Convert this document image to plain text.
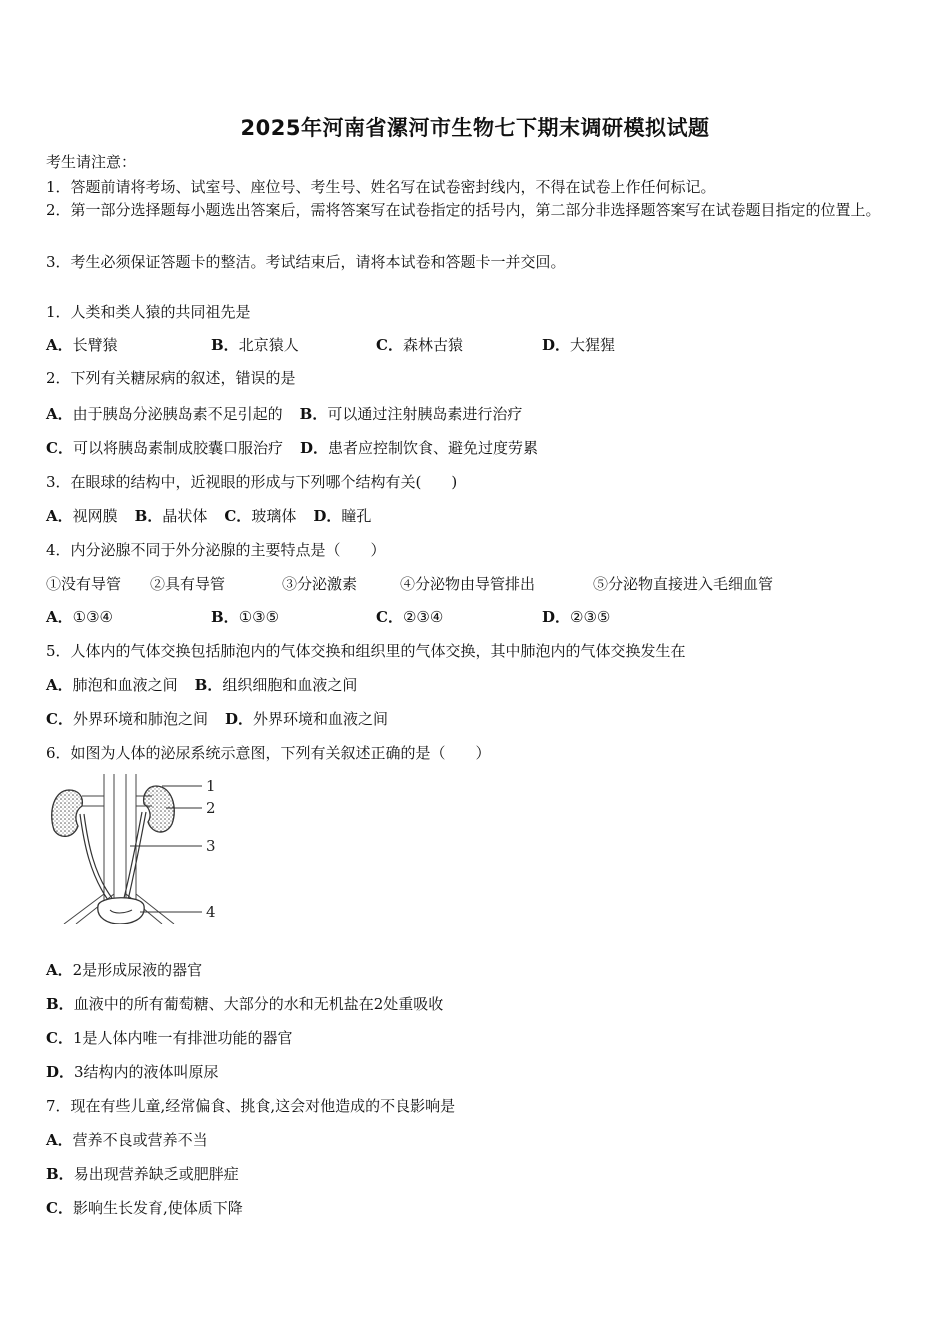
2025年河南省漯河市生物七下期末调研模拟试题
考生请注意：
1．答题前请将考场、试室号、座位号、考生号、姓名写在试卷密封线内，不得在试卷上作任何标记。
2．第一部分选择题每小题选出答案后，需将答案写在试卷指定的括号内，第二部分非选择题答案写在试卷题目指定的位置上。
3．考生必须保证答题卡的整洁。考试结束后，请将本试卷和答题卡一并交回。
1．人类和类人猿的共同祖先是
A．长臂猿	B．北京猿人	C．森林古猿	D．大猩猩
2．下列有关糖尿病的叙述，错误的是
A．由于胰岛分泌胰岛素不足引起的 B．可以通过注射胰岛素进行治疗
C．可以将胰岛素制成胶囊口服治疗 D．患者应控制饮食、避免过度劳累
3．在眼球的结构中，近视眼的形成与下列哪个结构有关(　　)
A．视网膜 B．晶状体 C．玻璃体 D．瞳孔
4．内分泌腺不同于外分泌腺的主要特点是（　　）
①没有导管 ②具有导管	③分泌激素	④分泌物由导管排出	⑤分泌物直接进入毛细血管
A．①③④	B．①③⑤	C．②③④	D．②③⑤
5．人体内的气体交换包括肺泡内的气体交换和组织里的气体交换，其中肺泡内的气体交换发生在
A．肺泡和血液之间 B．组织细胞和血液之间
C．外界环境和肺泡之间 D．外界环境和血液之间
6．如图为人体的泌尿系统示意图，下列有关叙述正确的是（　　）
1
2
3
4
A．2是形成尿液的器官
B．血液中的所有葡萄糖、大部分的水和无机盐在2处重吸收
C．1是人体内唯一有排泄功能的器官
D．3结构内的液体叫原尿
7．现在有些儿童,经常偏食、挑食,这会对他造成的不良影响是
A．营养不良或营养不当
B．易出现营养缺乏或肥胖症
C．影响生长发育,使体质下降
